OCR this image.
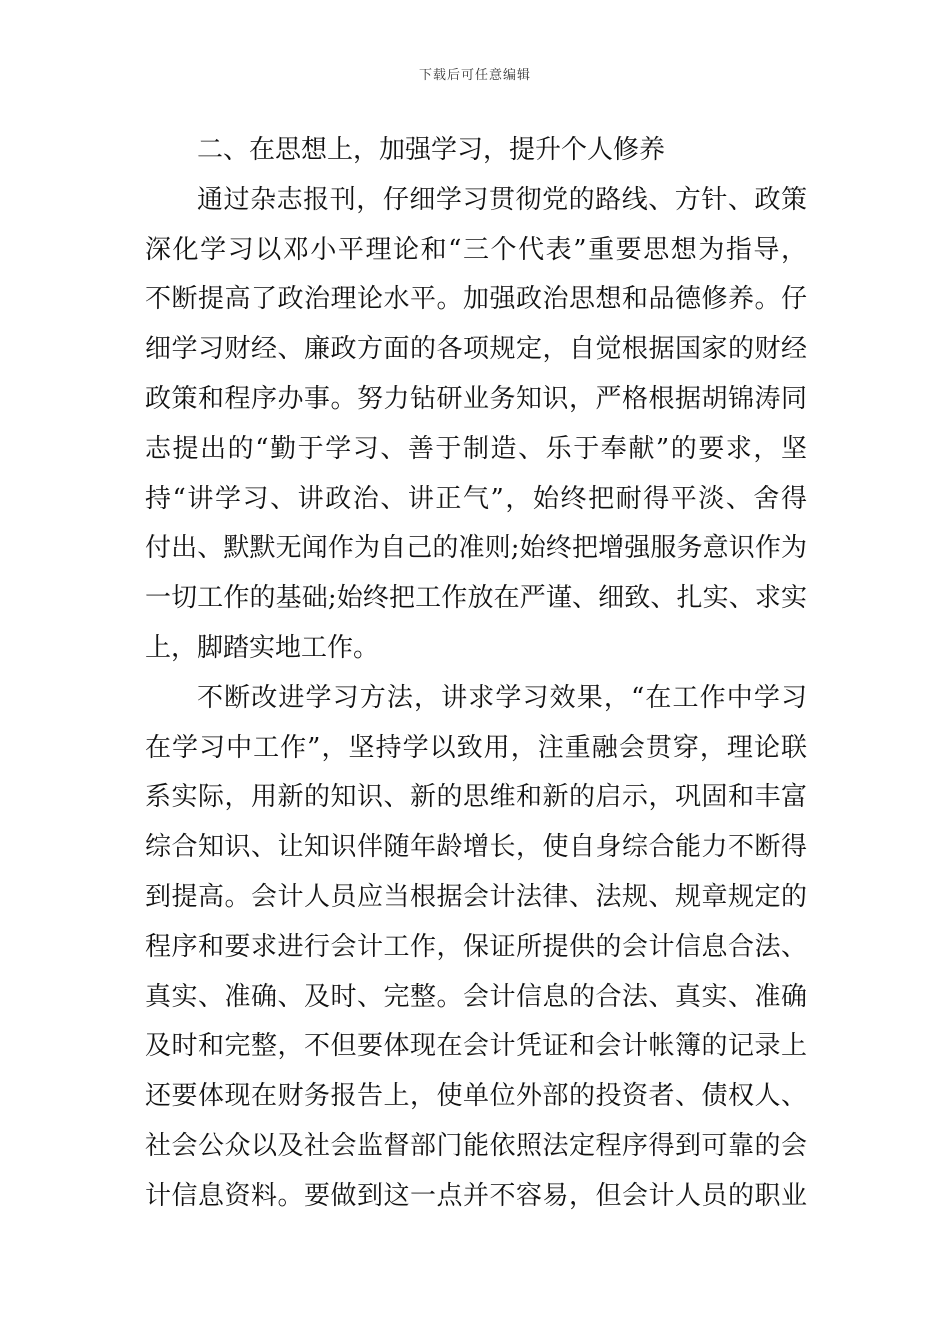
下载后可任意编辑
二、在思想上，加强学习，提升个人修养
通过杂志报刊，仔细学习贯彻党的路线、方针、政策
深化学习以邓小平理论和“三个代表”重要思想为指导，
不断提高了政治理论水平。加强政治思想和品德修养。仔
细学习财经、廉政方面的各项规定，自觉根据国家的财经
政策和程序办事。努力钻研业务知识，严格根据胡锦涛同
志提出的“勤于学习、善于制造、乐于奉献”的要求，坚
持“讲学习、讲政治、讲正气”，始终把耐得平淡、舍得
付出、默默无闻作为自己的准则;始终把增强服务意识作为
一切工作的基础;始终把工作放在严谨、细致、扎实、求实
上，脚踏实地工作。
不断改进学习方法，讲求学习效果，“在工作中学习
在学习中工作”，坚持学以致用，注重融会贯穿，理论联
系实际，用新的知识、新的思维和新的启示，巩固和丰富
综合知识、让知识伴随年龄增长，使自身综合能力不断得
到提高。会计人员应当根据会计法律、法规、规章规定的
程序和要求进行会计工作，保证所提供的会计信息合法、
真实、准确、及时、完整。会计信息的合法、真实、准确
及时和完整，不但要体现在会计凭证和会计帐簿的记录上
还要体现在财务报告上，使单位外部的投资者、债权人、
社会公众以及社会监督部门能依照法定程序得到可靠的会
计信息资料。要做到这一点并不容易，但会计人员的职业
